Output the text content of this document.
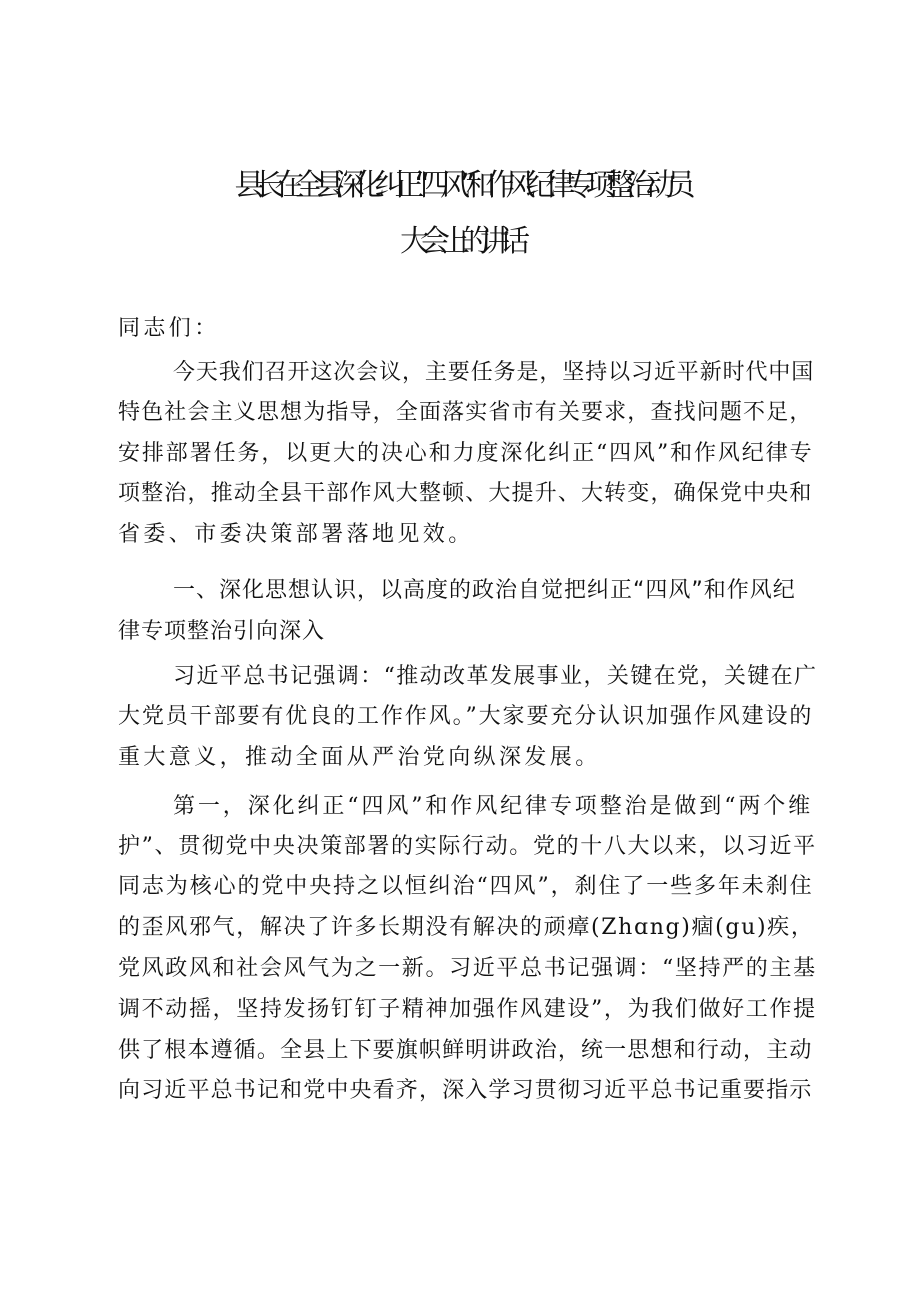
县长在全县深化纠正“四风”和作风纪律专项整治动员
大会上的讲话
同志们：
今天我们召开这次会议，主要任务是，坚持以习近平新时代中国
特色社会主义思想为指导，全面落实省市有关要求，查找问题不足，
安排部署任务，以更大的决心和力度深化纠正“四风”和作风纪律专
项整治，推动全县干部作风大整顿、大提升、大转变，确保党中央和
省委、市委决策部署落地见效。
一、深化思想认识，以高度的政治自觉把纠正“四风”和作风纪
律专项整治引向深入
习近平总书记强调：“推动改革发展事业，关键在党，关键在广
大党员干部要有优良的工作作风。”大家要充分认识加强作风建设的
重大意义，推动全面从严治党向纵深发展。
第一，深化纠正“四风”和作风纪律专项整治是做到“两个维
护”、贯彻党中央决策部署的实际行动。党的十八大以来，以习近平
同志为核心的党中央持之以恒纠治“四风”，刹住了一些多年未刹住
的歪风邪气，解决了许多长期没有解决的顽瘴(Zhɑng)痼(gu)疾，
党风政风和社会风气为之一新。习近平总书记强调：“坚持严的主基
调不动摇，坚持发扬钉钉子精神加强作风建设”，为我们做好工作提
供了根本遵循。全县上下要旗帜鲜明讲政治，统一思想和行动，主动
向习近平总书记和党中央看齐，深入学习贯彻习近平总书记重要指示
